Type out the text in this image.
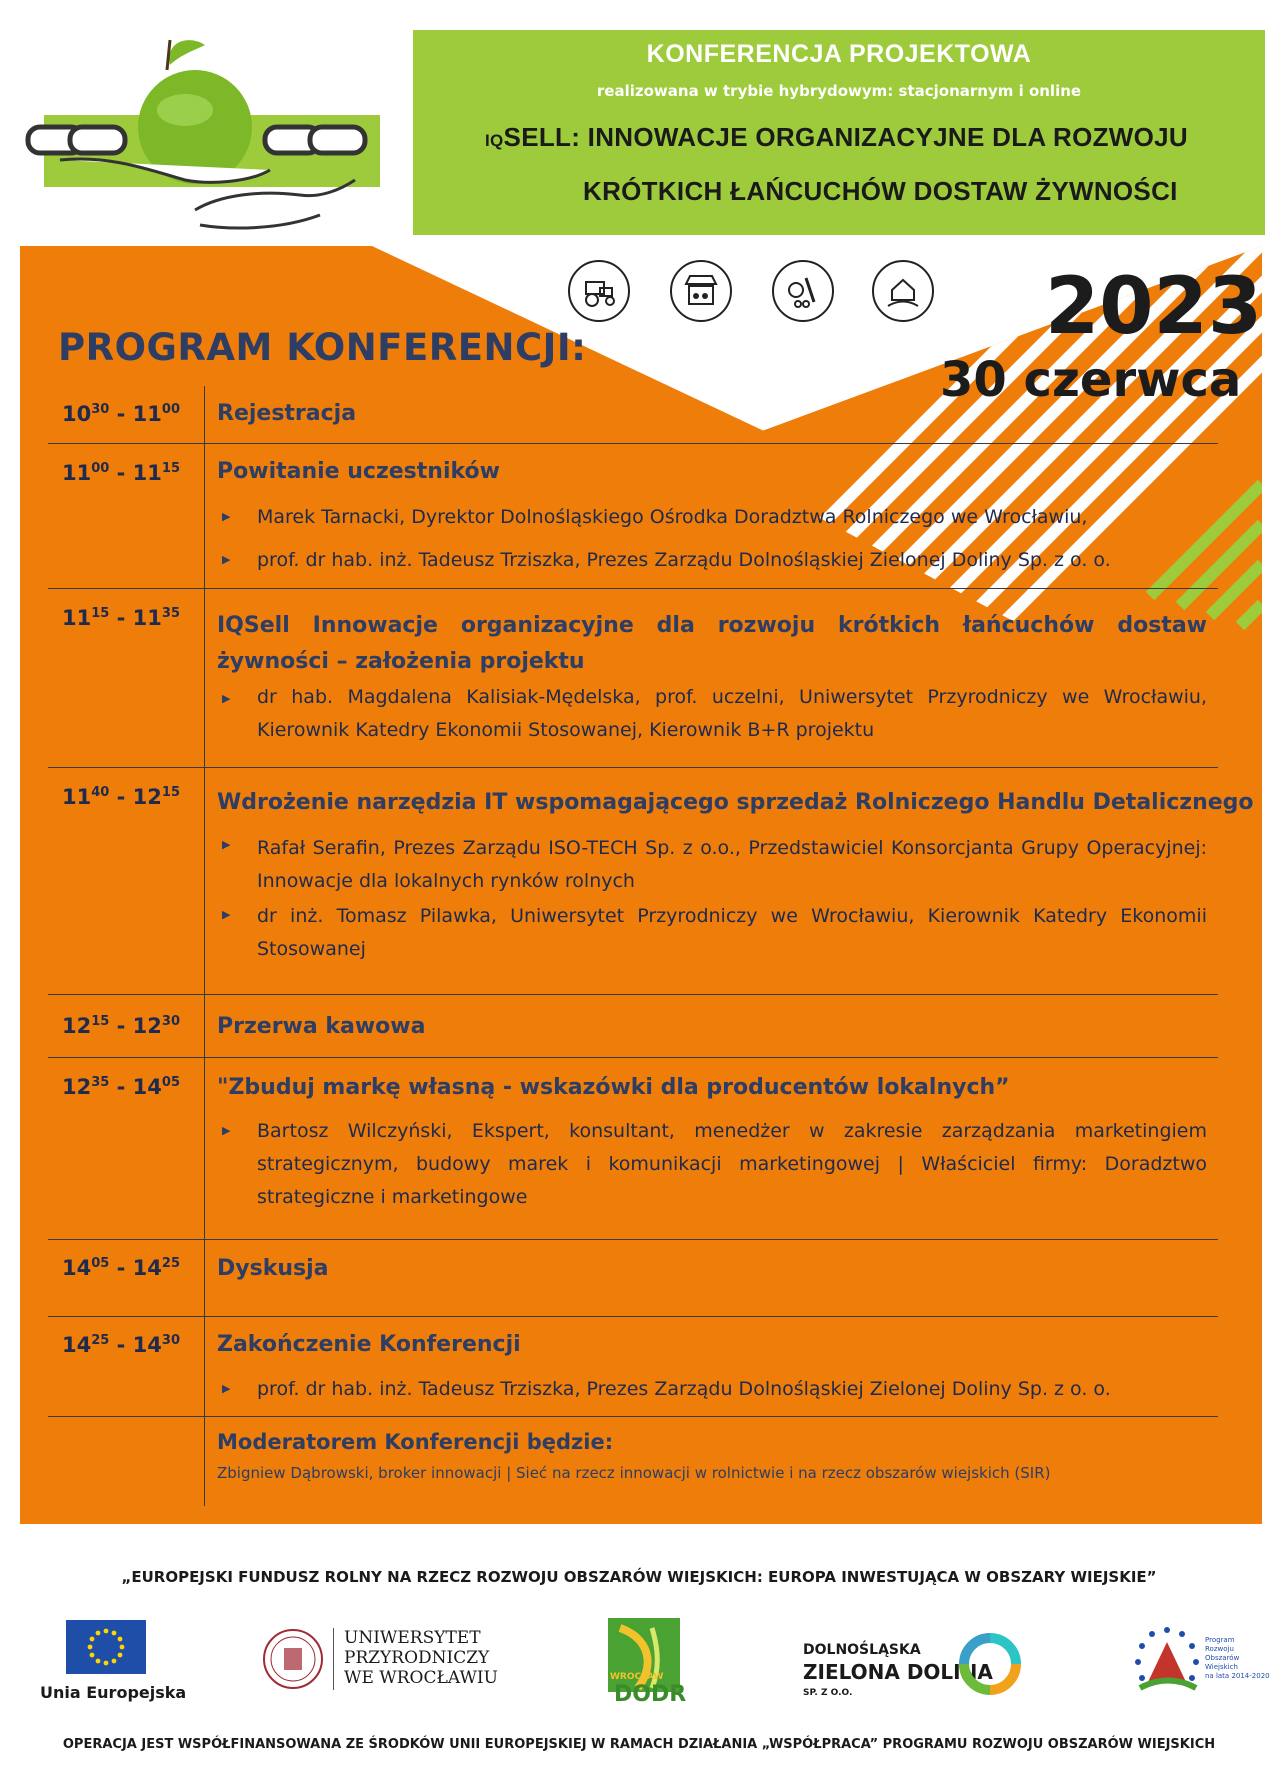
KONFERENCJA PROJEKTOWA
realizowana w trybie hybrydowym: stacjonarnym i online
IQSELL: INNOWACJE ORGANIZACYJNE DLA ROZWOJU
KRÓTKICH ŁAŃCUCHÓW DOSTAW ŻYWNOŚCI
2023
30 czerwca
PROGRAM KONFERENCJI:
$10^{30} - 11^{00}$ Rejestracja
$11^{00} - 11^{15}$ Powitanie uczestników
▶ Marek Tarnacki, Dyrektor Dolnośląskiego Ośrodka Doradztwa Rolniczego we Wrocławiu,
▶ prof. dr hab. inż. Tadeusz Trziszka, Prezes Zarządu Dolnośląskiej Zielonej Doliny Sp. z o. o.
$11^{15} - 11^{35}$ IQSell Innowacje organizacyjne dla rozwoju krótkich łańcuchów dostaw żywności – założenia projektu
▶ dr hab. Magdalena Kalisiak-Mędelska, prof. uczelni, Uniwersytet Przyrodniczy we Wrocławiu, Kierownik Katedry Ekonomii Stosowanej, Kierownik B+R projektu
$11^{40} - 12^{15}$ Wdrożenie narzędzia IT wspomagającego sprzedaż Rolniczego Handlu Detalicznego
▶ Rafał Serafin, Prezes Zarządu ISO-TECH Sp. z o.o., Przedstawiciel Konsorcjanta Grupy Operacyjnej: Innowacje dla lokalnych rynków rolnych
▶ dr inż. Tomasz Pilawka, Uniwersytet Przyrodniczy we Wrocławiu, Kierownik Katedry Ekonomii Stosowanej
$12^{15} - 12^{30}$ Przerwa kawowa
$12^{35} - 14^{05}$ "Zbuduj markę własną - wskazówki dla producentów lokalnych”
▶ Bartosz Wilczyński, Ekspert, konsultant, menedżer w zakresie zarządzania marketingiem strategicznym, budowy marek i komunikacji marketingowej | Właściciel firmy: Doradztwo strategiczne i marketingowe
$14^{05} - 14^{25}$ Dyskusja
$14^{25} - 14^{30}$ Zakończenie Konferencji
▶ prof. dr hab. inż. Tadeusz Trziszka, Prezes Zarządu Dolnośląskiej Zielonej Doliny Sp. z o. o.
Moderatorem Konferencji będzie:
Zbigniew Dąbrowski, broker innowacji | Sieć na rzecz innowacji w rolnictwie i na rzecz obszarów wiejskich (SIR)
„EUROPEJSKI FUNDUSZ ROLNY NA RZECZ ROZWOJU OBSZARÓW WIEJSKICH: EUROPA INWESTUJĄCA W OBSZARY WIEJSKIE”
Unia Europejska
UNIWERSYTET
PRZYRODNICZY
WE WROCŁAWIU	WROCŁAW
DODR
DOLNOŚLĄSKA
ZIELONA DOLINA
SP. Z O.O.
Program
Rozwoju
Obszarów
Wiejskich
na lata 2014-2020
OPERACJA JEST WSPÓŁFINANSOWANA ZE ŚRODKÓW UNII EUROPEJSKIEJ W RAMACH DZIAŁANIA „WSPÓŁPRACA” PROGRAMU ROZWOJU OBSZARÓW WIEJSKICH
